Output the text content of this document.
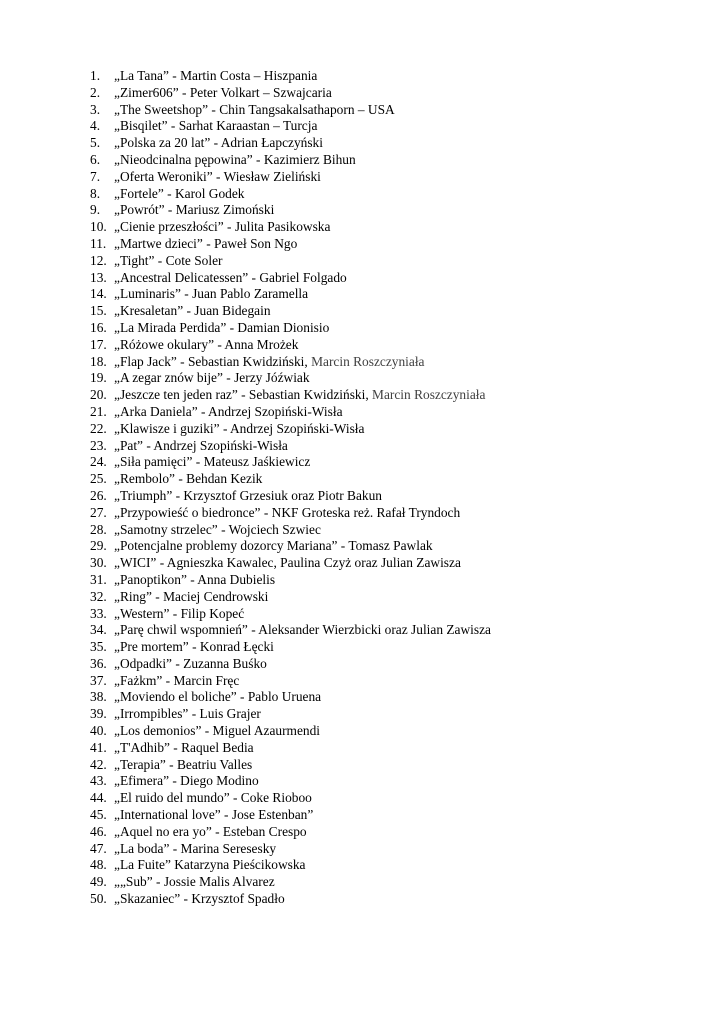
1.	„La Tana” - Martin Costa – Hiszpania
2.	„Zimer606” - Peter Volkart – Szwajcaria
3.	„The Sweetshop” - Chin Tangsakalsathaporn – USA
4.	„Bisqilet” - Sarhat Karaastan – Turcja
5.	„Polska za 20 lat” - Adrian Łapczyński
6.	„Nieodcinalna pępowina” - Kazimierz Bihun
7.	„Oferta Weroniki” - Wiesław Zieliński
8.	„Fortele” - Karol Godek
9.	„Powrót” - Mariusz Zimoński
10. „Cienie przeszłości” - Julita Pasikowska
11. „Martwe dzieci” - Paweł Son Ngo
12. „Tight” - Cote Soler
13. „Ancestral Delicatessen” - Gabriel Folgado
14. „Luminaris” - Juan Pablo Zaramella
15. „Kresaletan” - Juan Bidegain
16. „La Mirada Perdida” - Damian Dionisio
17. „Różowe okulary” - Anna Mrożek
18. „Flap Jack” - Sebastian Kwidziński, Marcin Roszczyniała
19. „A zegar znów bije” - Jerzy Jóźwiak
20. „Jeszcze ten jeden raz” - Sebastian Kwidziński, Marcin Roszczyniała
21. „Arka Daniela” - Andrzej Szopiński-Wisła
22. „Klawisze i guziki” - Andrzej Szopiński-Wisła
23. „Pat” - Andrzej Szopiński-Wisła
24. „Siła pamięci” - Mateusz Jaśkiewicz
25. „Rembolo” - Behdan Kezik
26. „Triumph” - Krzysztof Grzesiuk oraz Piotr Bakun
27. „Przypowieść o biedronce” - NKF Groteska reż. Rafał Tryndoch
28. „Samotny strzelec” - Wojciech Szwiec
29. „Potencjalne problemy dozorcy Mariana” - Tomasz Pawlak
30. „WICI” - Agnieszka Kawalec, Paulina Czyż oraz Julian Zawisza
31. „Panoptikon” - Anna Dubielis
32. „Ring” - Maciej Cendrowski
33. „Western” - Filip Kopeć
34. „Parę chwil wspomnień” - Aleksander Wierzbicki oraz Julian Zawisza
35. „Pre mortem” - Konrad Łęcki
36. „Odpadki” - Zuzanna Buśko
37. „Fażkm” - Marcin Fręc
38. „Moviendo el boliche” - Pablo Uruena
39. „Irrompibles” - Luis Grajer
40. „Los demonios” - Miguel Azaurmendi
41. „T'Adhib” - Raquel Bedia
42. „Terapia” - Beatriu Valles
43. „Efimera” - Diego Modino
44. „El ruido del mundo” - Coke Rioboo
45. „International love” - Jose Estenban”
46. „Aquel no era yo” - Esteban Crespo
47. „La boda” - Marina Seresesky
48. „La Fuite” Katarzyna Pieścikowska
49. „„Sub” - Jossie Malis Alvarez
50. „Skazaniec” - Krzysztof Spadło
